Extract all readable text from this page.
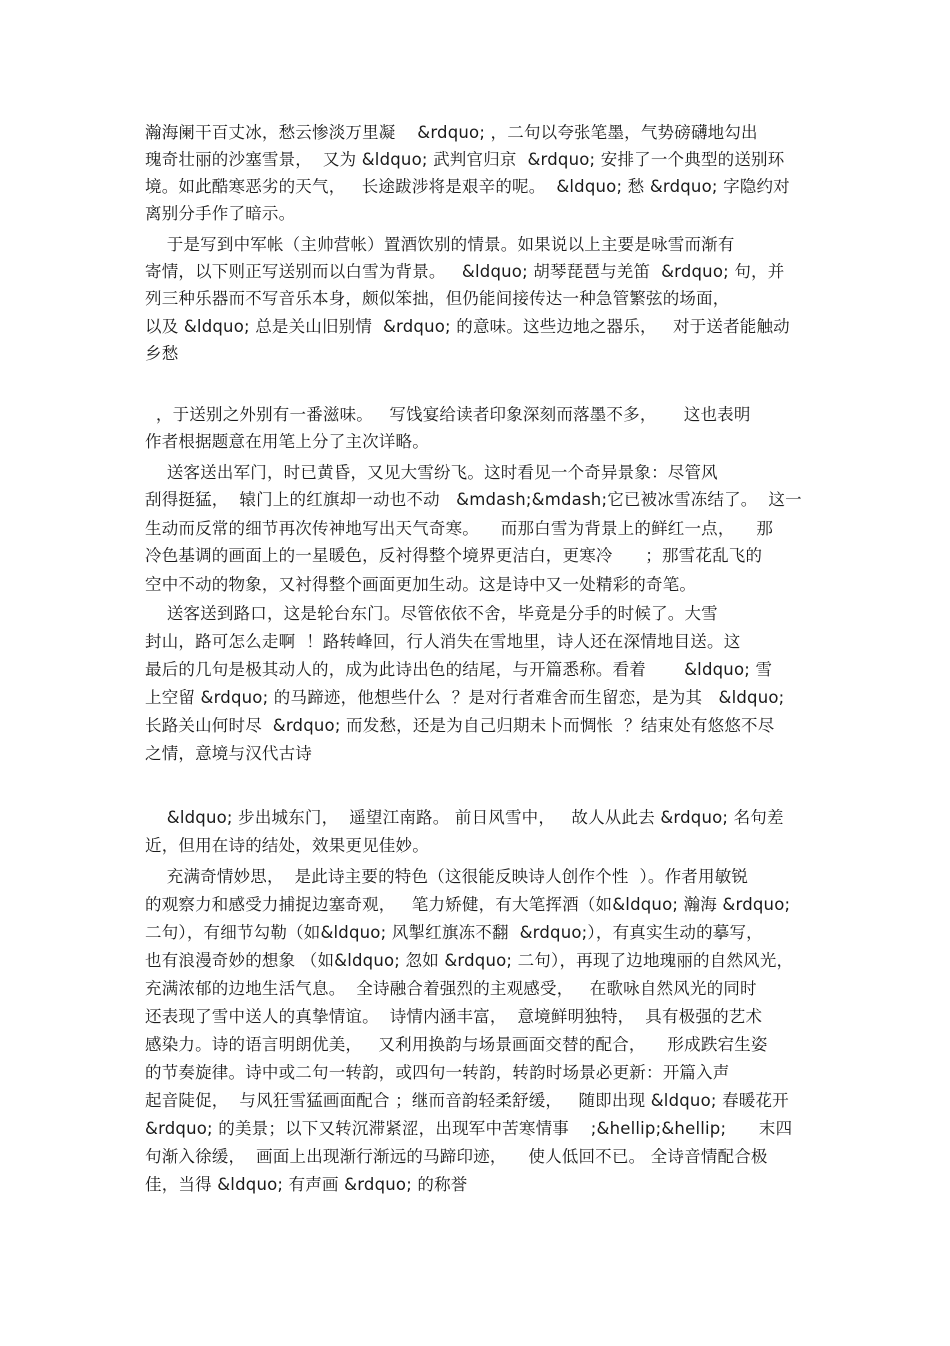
瀚海阑干百丈冰，愁云惨淡万里凝    &rdquo; ，二句以夸张笔墨，气势磅礴地勾出
瑰奇壮丽的沙塞雪景，  又为 &ldquo; 武判官归京  &rdquo; 安排了一个典型的送别环
境。如此酷寒恶劣的天气，   长途跋涉将是艰辛的呢。  &ldquo; 愁 &rdquo; 字隐约对
离别分手作了暗示。
于是写到中军帐（主帅营帐）置酒饮别的情景。如果说以上主要是咏雪而渐有
寄情，以下则正写送别而以白雪为背景。   &ldquo; 胡琴琵琶与羌笛  &rdquo; 句，并
列三种乐器而不写音乐本身，颇似笨拙，但仍能间接传达一种急管繁弦的场面，
以及 &ldquo; 总是关山旧别情  &rdquo; 的意味。这些边地之器乐，   对于送者能触动
乡愁
，于送别之外别有一番滋味。   写饯宴给读者印象深刻而落墨不多，     这也表明
作者根据题意在用笔上分了主次详略。
送客送出军门，时已黄昏，又见大雪纷飞。这时看见一个奇异景象：尽管风
刮得挺猛，  辕门上的红旗却一动也不动   &mdash;&mdash;它已被冰雪冻结了。  这一
生动而反常的细节再次传神地写出天气奇寒。    而那白雪为背景上的鲜红一点，    那
冷色基调的画面上的一星暖色，反衬得整个境界更洁白，更寒冷      ；那雪花乱飞的
空中不动的物象，又衬得整个画面更加生动。这是诗中又一处精彩的奇笔。
送客送到路口，这是轮台东门。尽管依依不舍，毕竟是分手的时候了。大雪
封山，路可怎么走啊  ！路转峰回，行人消失在雪地里，诗人还在深情地目送。这
最后的几句是极其动人的，成为此诗出色的结尾，与开篇悉称。看着       &ldquo; 雪
上空留 &rdquo; 的马蹄迹，他想些什么  ？是对行者难舍而生留恋，是为其   &ldquo;
长路关山何时尽  &rdquo; 而发愁，还是为自己归期未卜而惆怅  ？结束处有悠悠不尽
之情，意境与汉代古诗
&ldquo; 步出城东门，  遥望江南路。 前日风雪中，   故人从此去 &rdquo; 名句差
近，但用在诗的结处，效果更见佳妙。
充满奇情妙思，  是此诗主要的特色（这很能反映诗人创作个性  ）。作者用敏锐
的观察力和感受力捕捉边塞奇观，   笔力矫健，有大笔挥酒（如&ldquo; 瀚海 &rdquo;
二句），有细节勾勒（如&ldquo; 风掣红旗冻不翻  &rdquo;），有真实生动的摹写，
也有浪漫奇妙的想象 （如&ldquo; 忽如 &rdquo; 二句），再现了边地瑰丽的自然风光，
充满浓郁的边地生活气息。  全诗融合着强烈的主观感受，   在歌咏自然风光的同时
还表现了雪中送人的真挚情谊。  诗情内涵丰富，  意境鲜明独特，  具有极强的艺术
感染力。诗的语言明朗优美，   又利用换韵与场景画面交替的配合，    形成跌宕生姿
的节奏旋律。诗中或二句一转韵，或四句一转韵，转韵时场景必更新：开篇入声
起音陡促，  与风狂雪猛画面配合 ；继而音韵轻柔舒缓，   随即出现 &ldquo; 春暖花开
&rdquo; 的美景；以下又转沉滞紧涩，出现军中苦寒情事    ;&hellip;&hellip;      末四
句渐入徐缓，  画面上出现渐行渐远的马蹄印迹，    使人低回不已。 全诗音情配合极
佳，当得 &ldquo; 有声画 &rdquo; 的称誉
